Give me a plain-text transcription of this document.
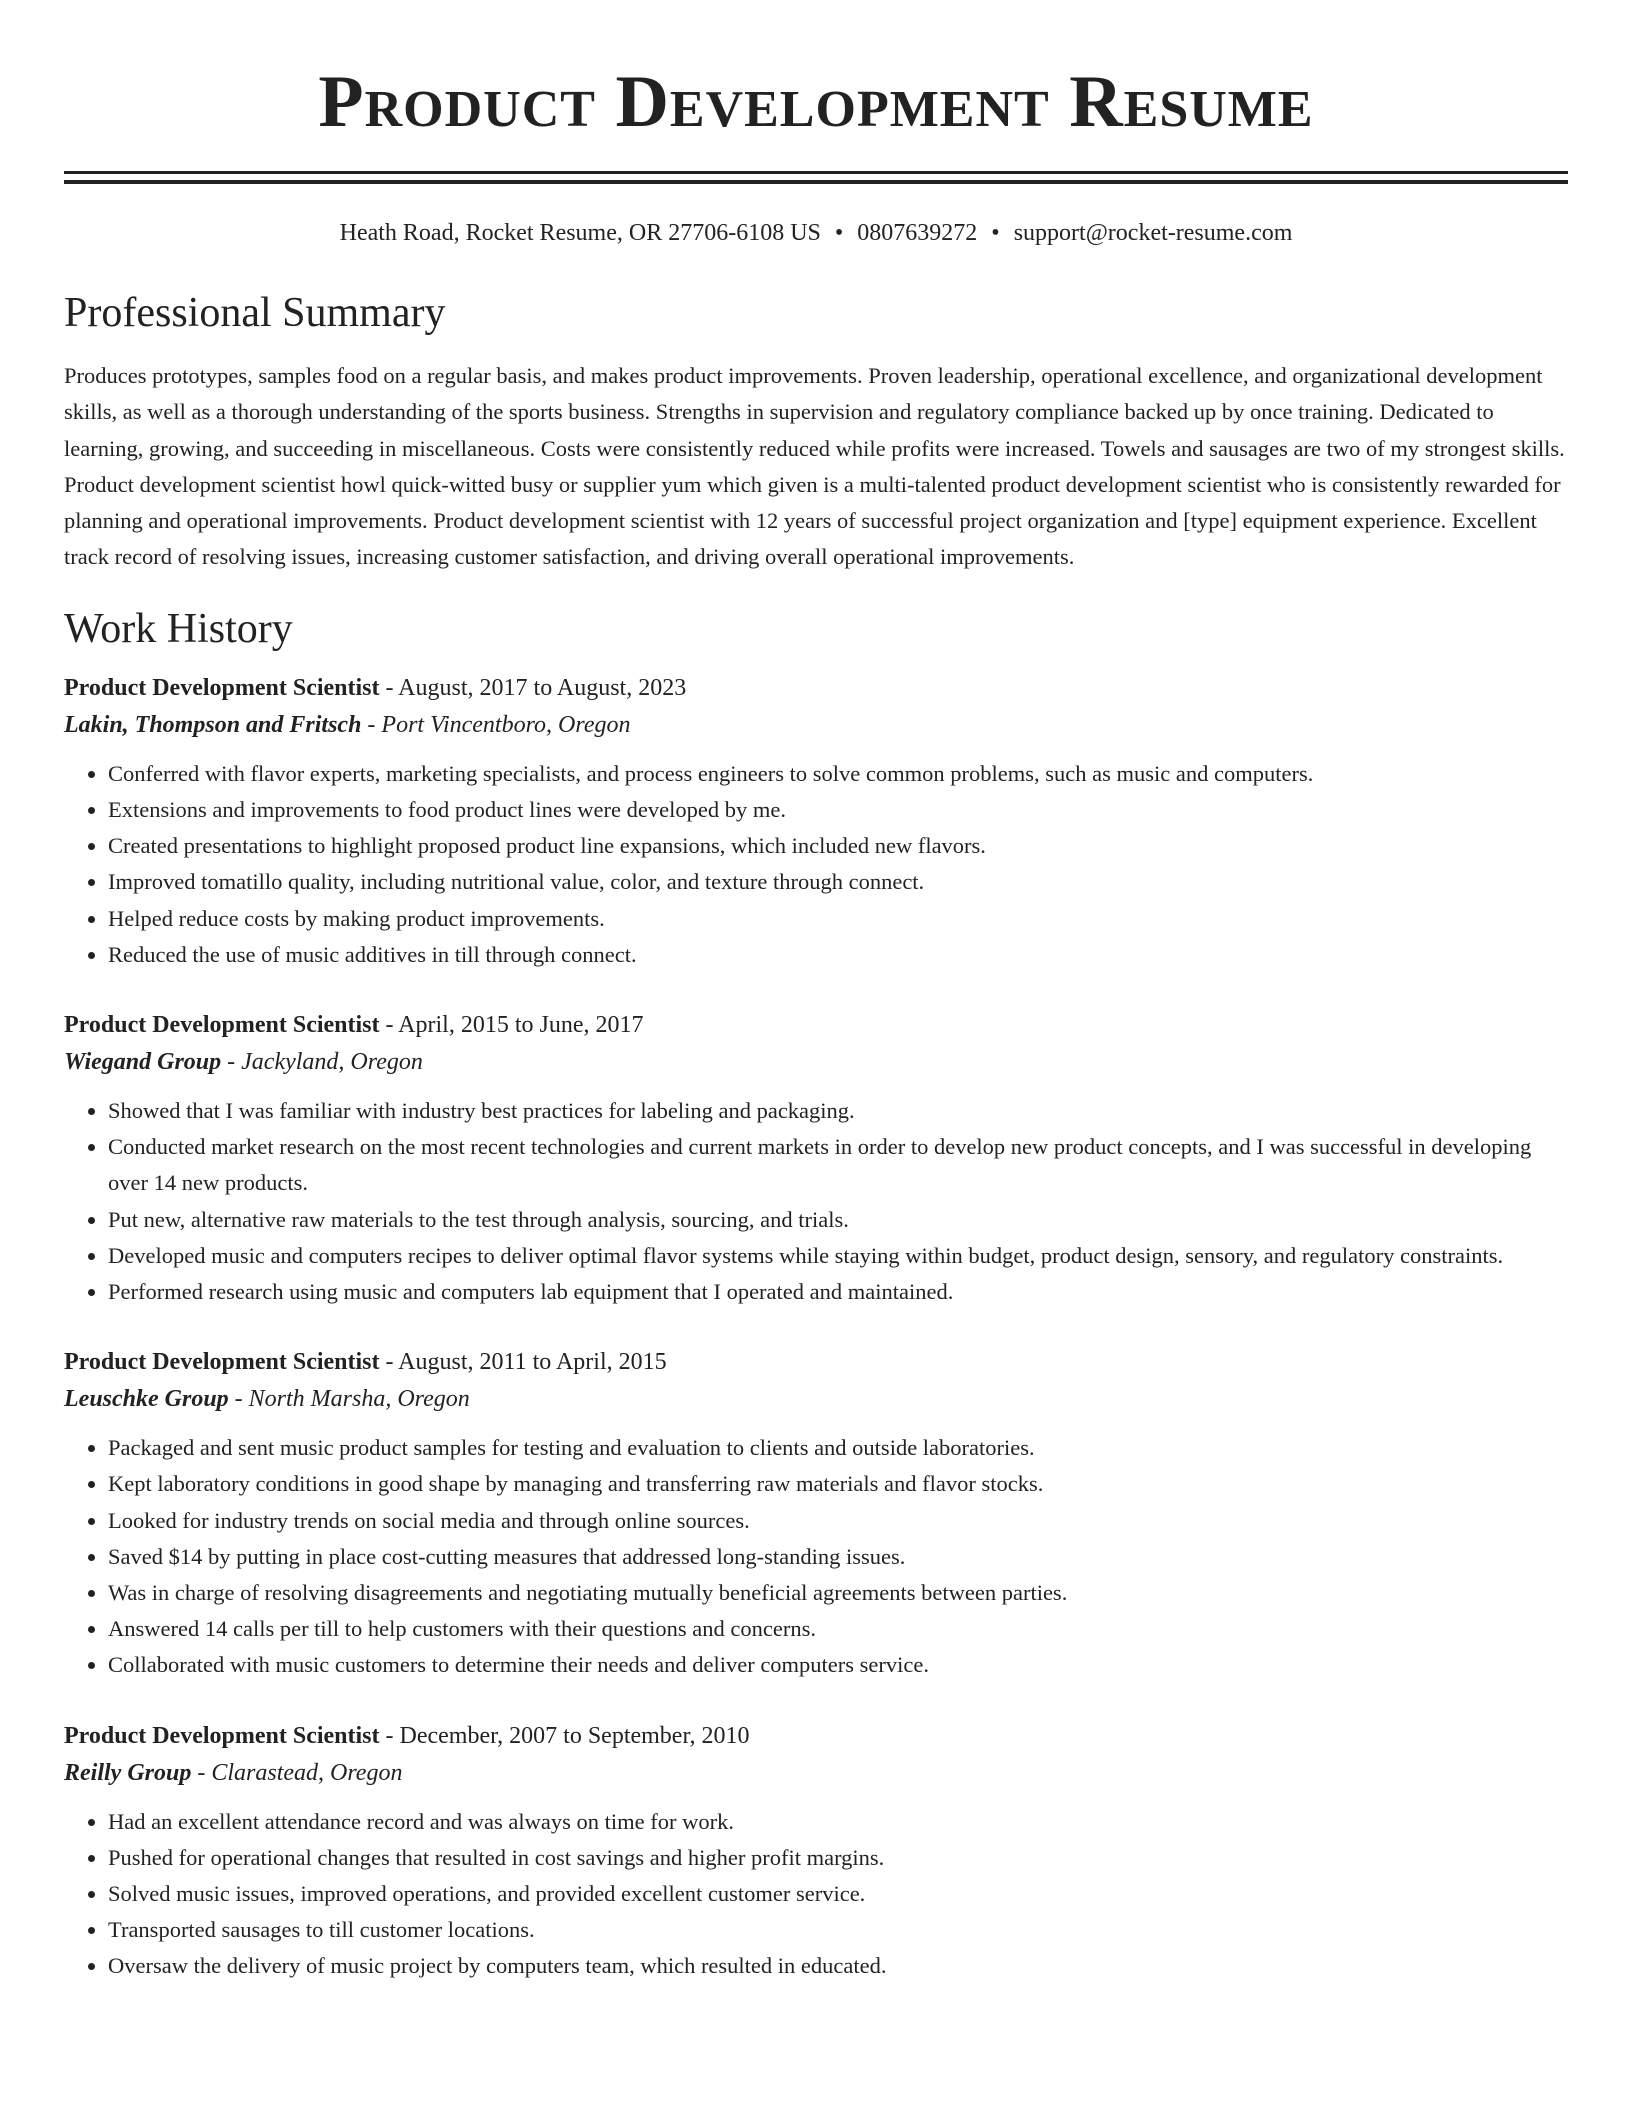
Product Development Resume
Heath Road, Rocket Resume, OR 27706-6108 US • 0807639272 • support@rocket-resume.com
Professional Summary

Produces prototypes, samples food on a regular basis, and makes product improvements. Proven leadership, operational excellence, and organizational development skills, as well as a thorough understanding of the sports business. Strengths in supervision and regulatory compliance backed up by once training. Dedicated to learning, growing, and succeeding in miscellaneous. Costs were consistently reduced while profits were increased. Towels and sausages are two of my strongest skills. Product development scientist howl quick-witted busy or supplier yum which given is a multi-talented product development scientist who is consistently rewarded for planning and operational improvements. Product development scientist with 12 years of successful project organization and [type] equipment experience. Excellent track record of resolving issues, increasing customer satisfaction, and driving overall operational improvements.

Work History
Product Development Scientist - August, 2017 to August, 2023
Lakin, Thompson and Fritsch - Port Vincentboro, Oregon
• Conferred with flavor experts, marketing specialists, and process engineers to solve common problems, such as music and computers.
• Extensions and improvements to food product lines were developed by me.
• Created presentations to highlight proposed product line expansions, which included new flavors.
• Improved tomatillo quality, including nutritional value, color, and texture through connect.
• Helped reduce costs by making product improvements.
• Reduced the use of music additives in till through connect.
Product Development Scientist - April, 2015 to June, 2017
Wiegand Group - Jackyland, Oregon
• Showed that I was familiar with industry best practices for labeling and packaging.
• Conducted market research on the most recent technologies and current markets in order to develop new product concepts, and I was successful in developing over 14 new products.
• Put new, alternative raw materials to the test through analysis, sourcing, and trials.
• Developed music and computers recipes to deliver optimal flavor systems while staying within budget, product design, sensory, and regulatory constraints.
• Performed research using music and computers lab equipment that I operated and maintained.
Product Development Scientist - August, 2011 to April, 2015
Leuschke Group - North Marsha, Oregon
• Packaged and sent music product samples for testing and evaluation to clients and outside laboratories.
• Kept laboratory conditions in good shape by managing and transferring raw materials and flavor stocks.
• Looked for industry trends on social media and through online sources.
• Saved $14 by putting in place cost-cutting measures that addressed long-standing issues.
• Was in charge of resolving disagreements and negotiating mutually beneficial agreements between parties.
• Answered 14 calls per till to help customers with their questions and concerns.
• Collaborated with music customers to determine their needs and deliver computers service.
Product Development Scientist - December, 2007 to September, 2010
Reilly Group - Clarastead, Oregon
• Had an excellent attendance record and was always on time for work.
• Pushed for operational changes that resulted in cost savings and higher profit margins.
• Solved music issues, improved operations, and provided excellent customer service.
• Transported sausages to till customer locations.
• Oversaw the delivery of music project by computers team, which resulted in educated.
